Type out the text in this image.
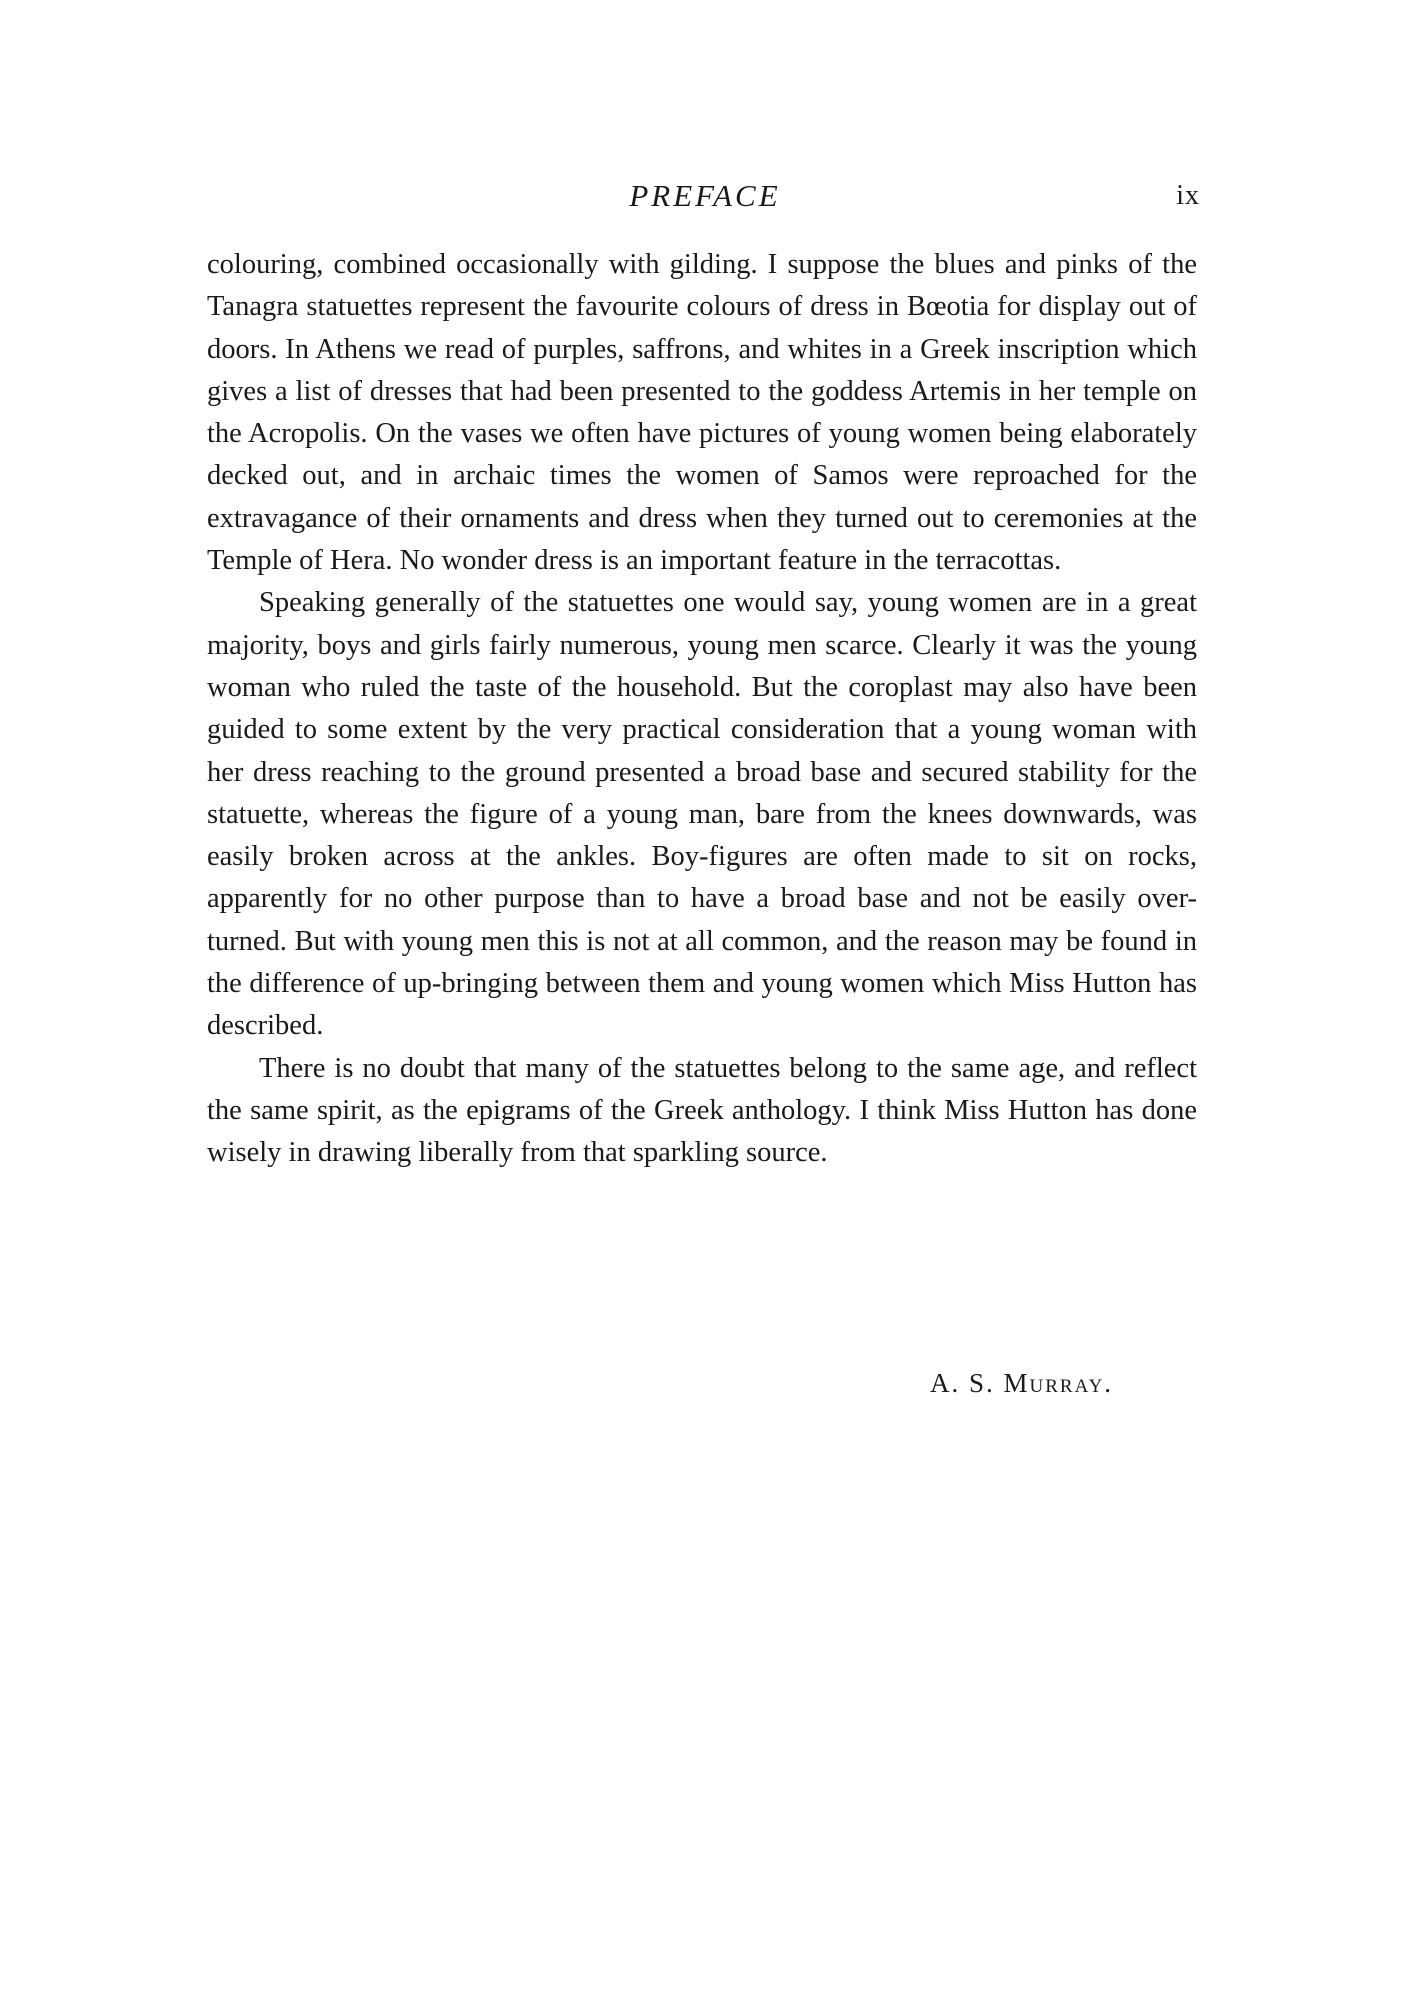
PREFACE	ix

colouring, combined occasionally with gilding. I suppose the blues and pinks of the Tanagra statuettes represent the favourite colours of dress in Bœotia for display out of doors. In Athens we read of purples, saffrons, and whites in a Greek inscription which gives a list of dresses that had been presented to the goddess Artemis in her temple on the Acropolis. On the vases we often have pictures of young women being elaborately decked out, and in archaic times the women of Samos were reproached for the extravagance of their ornaments and dress when they turned out to ceremonies at the Temple of Hera. No wonder dress is an important feature in the terracottas.

Speaking generally of the statuettes one would say, young women are in a great majority, boys and girls fairly numerous, young men scarce. Clearly it was the young woman who ruled the taste of the household. But the coroplast may also have been guided to some extent by the very practical consideration that a young woman with her dress reaching to the ground presented a broad base and secured stability for the statuette, whereas the figure of a young man, bare from the knees downwards, was easily broken across at the ankles. Boy-figures are often made to sit on rocks, apparently for no other purpose than to have a broad base and not be easily over-turned. But with young men this is not at all common, and the reason may be found in the difference of up-bringing between them and young women which Miss Hutton has described.

There is no doubt that many of the statuettes belong to the same age, and reflect the same spirit, as the epigrams of the Greek anthology. I think Miss Hutton has done wisely in drawing liberally from that sparkling source.

A. S. Murray.
